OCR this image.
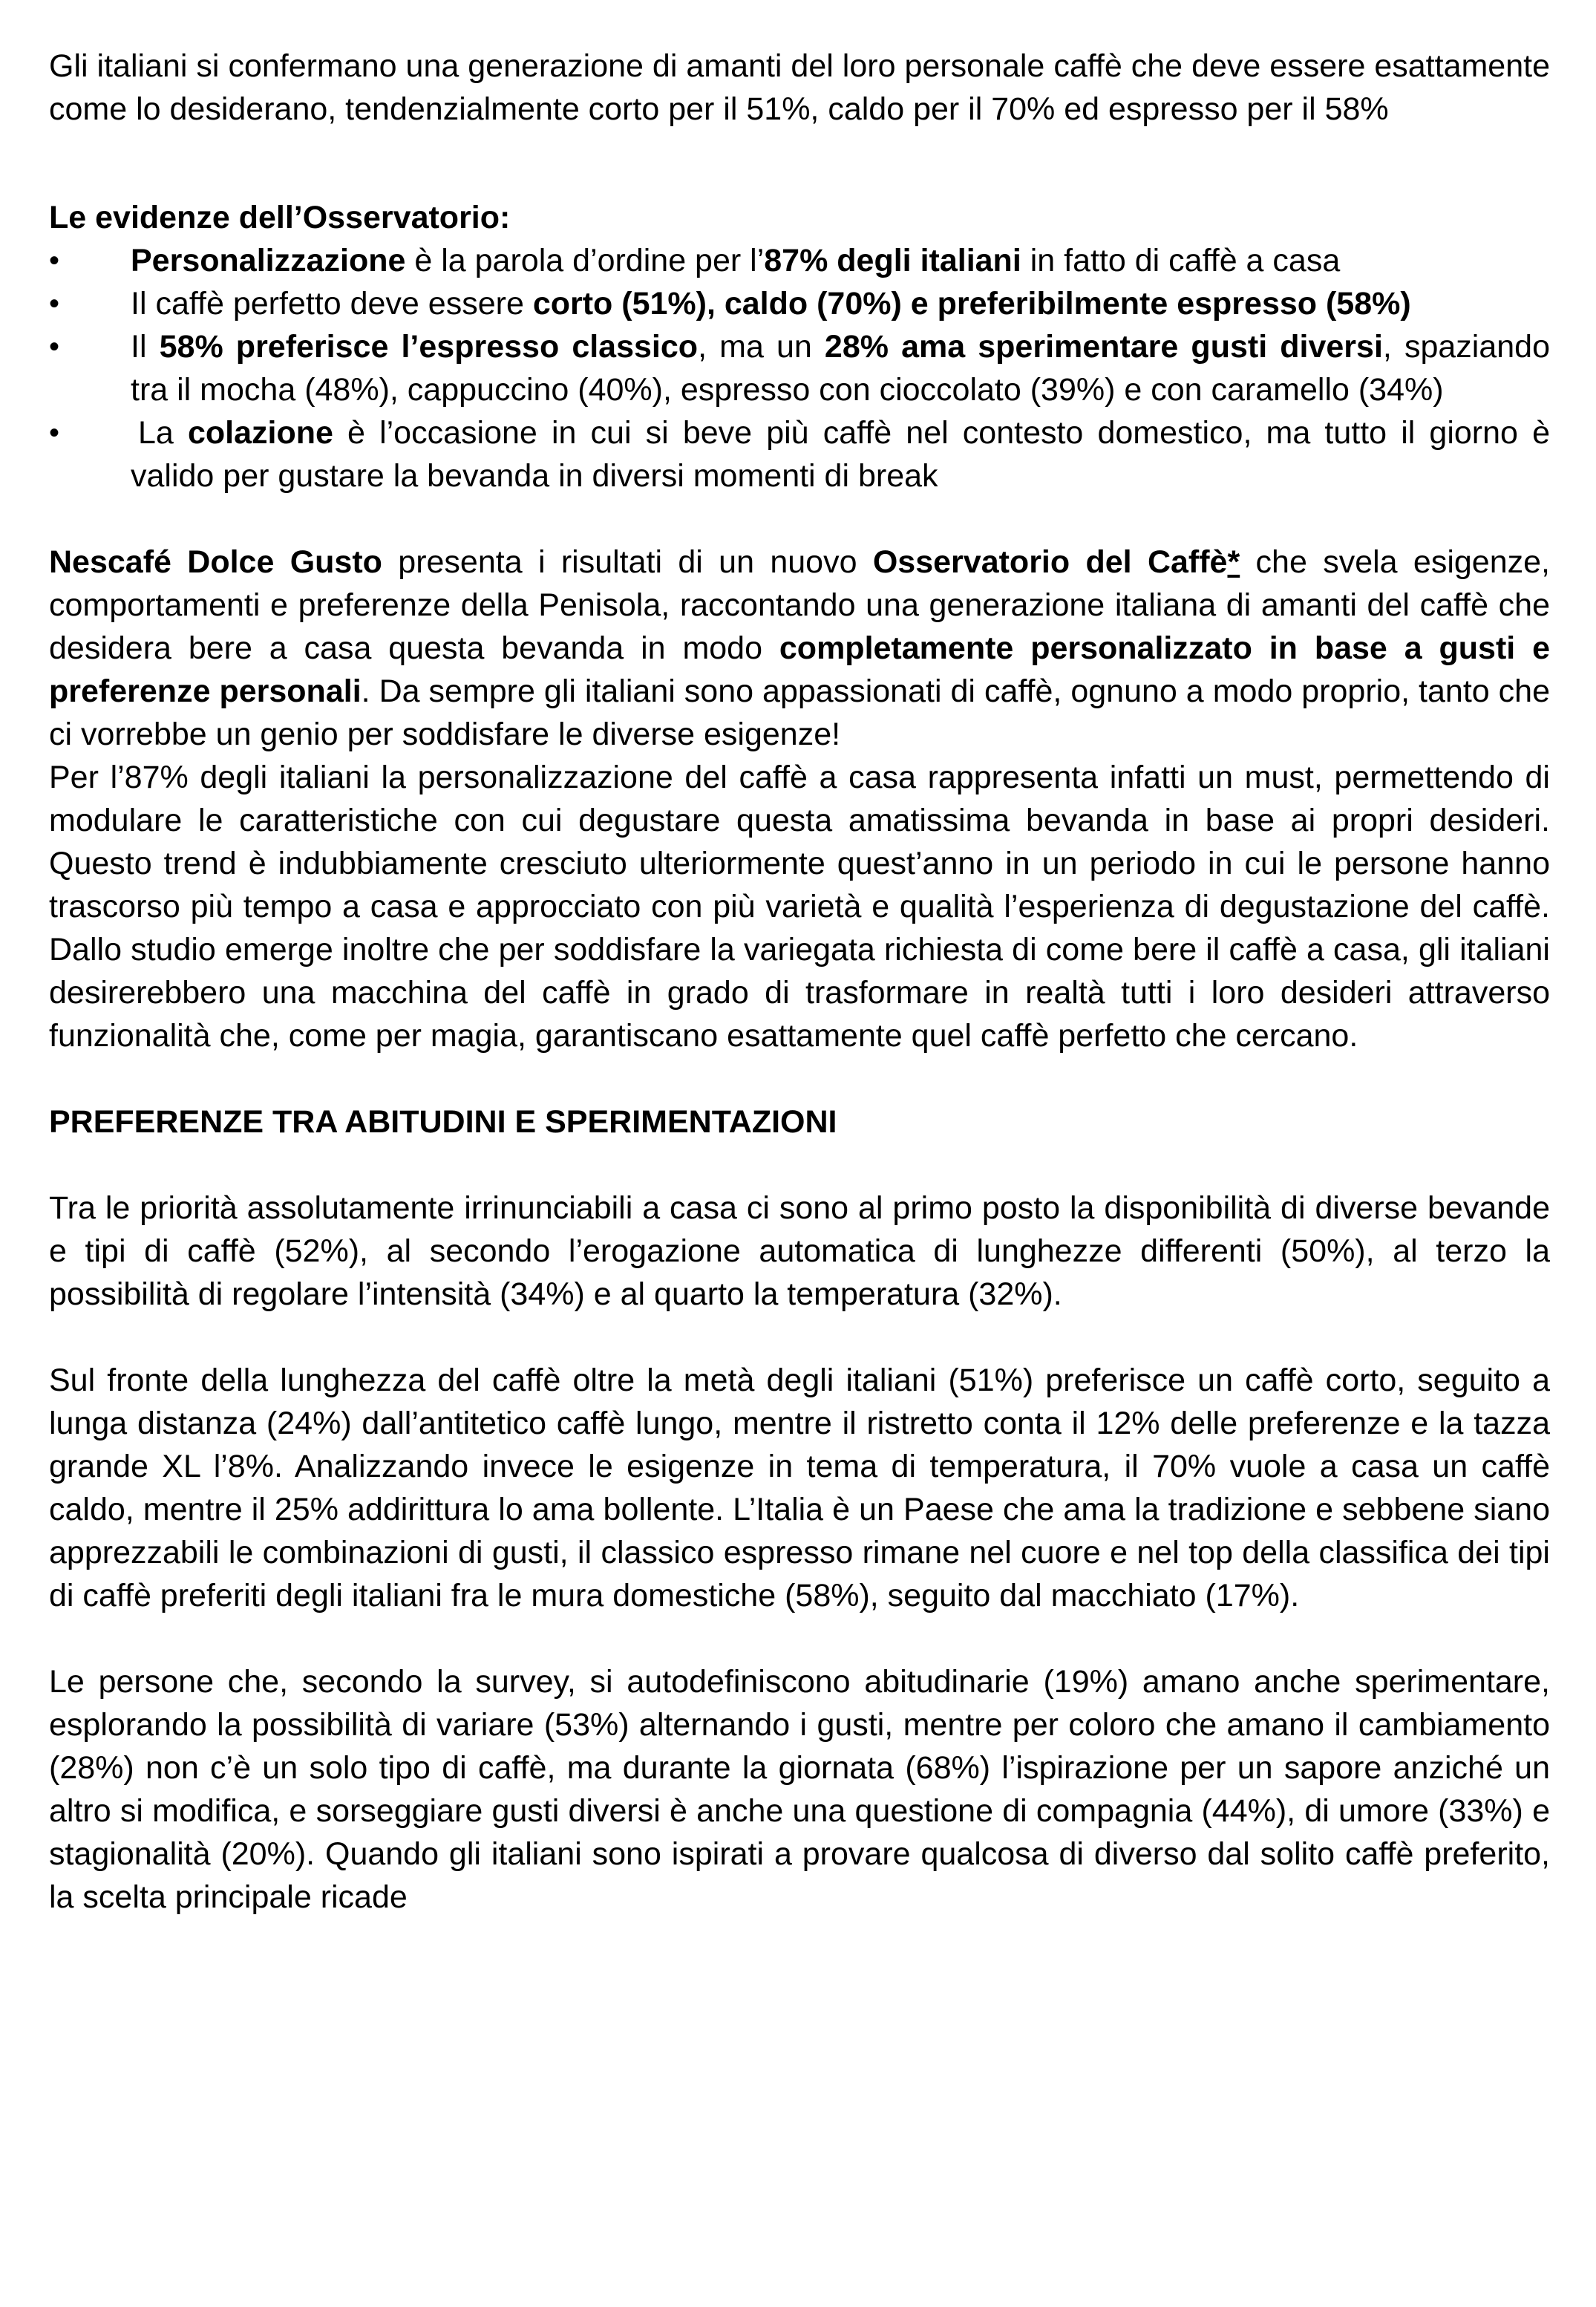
Gli italiani si confermano una generazione di amanti del loro personale caffè che deve essere esattamente come lo desiderano, tendenzialmente corto per il 51%, caldo per il 70% ed espresso per il 58%

Le evidenze dell’Osservatorio:

• Personalizzazione è la parola d’ordine per l’87% degli italiani in fatto di caffè a casa
• Il caffè perfetto deve essere corto (51%), caldo (70%) e preferibilmente espresso (58%)
• Il 58% preferisce l’espresso classico, ma un 28% ama sperimentare gusti diversi, spaziando tra il mocha (48%), cappuccino (40%), espresso con cioccolato (39%) e con caramello (34%)
• La colazione è l’occasione in cui si beve più caffè nel contesto domestico, ma tutto il giorno è valido per gustare la bevanda in diversi momenti di break

Nescafé Dolce Gusto presenta i risultati di un nuovo Osservatorio del Caffè* che svela esigenze, comportamenti e preferenze della Penisola, raccontando una generazione italiana di amanti del caffè che desidera bere a casa questa bevanda in modo completamente personalizzato in base a gusti e preferenze personali. Da sempre gli italiani sono appassionati di caffè, ognuno a modo proprio, tanto che ci vorrebbe un genio per soddisfare le diverse esigenze!

Per l’87% degli italiani la personalizzazione del caffè a casa rappresenta infatti un must, permettendo di modulare le caratteristiche con cui degustare questa amatissima bevanda in base ai propri desideri. Questo trend è indubbiamente cresciuto ulteriormente quest’anno in un periodo in cui le persone hanno trascorso più tempo a casa e approcciato con più varietà e qualità l’esperienza di degustazione del caffè. Dallo studio emerge inoltre che per soddisfare la variegata richiesta di come bere il caffè a casa, gli italiani desirerebbero una macchina del caffè in grado di trasformare in realtà tutti i loro desideri attraverso funzionalità che, come per magia, garantiscano esattamente quel caffè perfetto che cercano.

PREFERENZE TRA ABITUDINI E SPERIMENTAZIONI

Tra le priorità assolutamente irrinunciabili a casa ci sono al primo posto la disponibilità di diverse bevande e tipi di caffè (52%), al secondo l’erogazione automatica di lunghezze differenti (50%), al terzo la possibilità di regolare l’intensità (34%) e al quarto la temperatura (32%).

Sul fronte della lunghezza del caffè oltre la metà degli italiani (51%) preferisce un caffè corto, seguito a lunga distanza (24%) dall’antitetico caffè lungo, mentre il ristretto conta il 12% delle preferenze e la tazza grande XL l’8%. Analizzando invece le esigenze in tema di temperatura, il 70% vuole a casa un caffè caldo, mentre il 25% addirittura lo ama bollente. L’Italia è un Paese che ama la tradizione e sebbene siano apprezzabili le combinazioni di gusti, il classico espresso rimane nel cuore e nel top della classifica dei tipi di caffè preferiti degli italiani fra le mura domestiche (58%), seguito dal macchiato (17%).

Le persone che, secondo la survey, si autodefiniscono abitudinarie (19%) amano anche sperimentare, esplorando la possibilità di variare (53%) alternando i gusti, mentre per coloro che amano il cambiamento (28%) non c’è un solo tipo di caffè, ma durante la giornata (68%) l’ispirazione per un sapore anziché un altro si modifica, e sorseggiare gusti diversi è anche una questione di compagnia (44%), di umore (33%) e stagionalità (20%). Quando gli italiani sono ispirati a provare qualcosa di diverso dal solito caffè preferito, la scelta principale ricade
